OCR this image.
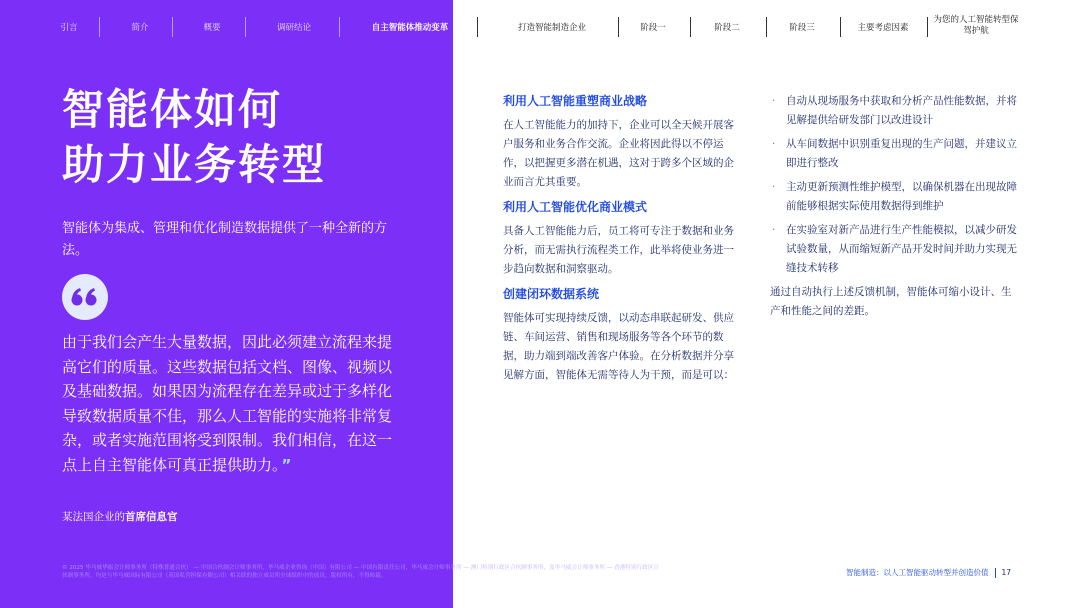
引言	简介	概要	调研结论	自主智能体推动变革	打造智能制造企业	阶段一	阶段二	阶段三	主要考虑因素
为您的人工智能转型保驾护航
智能体如何
助力业务转型
智能体为集成、管理和优化制造数据提供了一种全新的方法。
由于我们会产生大量数据，因此必须建立流程来提高它们的质量。这些数据包括文档、图像、视频以及基础数据。如果因为流程存在差异或过于多样化导致数据质量不佳，那么人工智能的实施将非常复杂，或者实施范围将受到限制。我们相信，在这一点上自主智能体可真正提供助力。 ”
某法国企业的首席信息官
© 2025 毕马威华振会计师事务所（特殊普通合伙） — 中国合伙制会计师事务所，毕马威企业咨询（中国）有限公司 — 中国有限责任公司，毕马威会计师事务所 — 澳门特别行政区合伙制事务所，及毕马威会计师事务所 — 香港特别行政区合伙制事务所，均是与毕马威国际有限公司（英国私营担保有限公司）相关联的独立成员所全球组织中的成员。版权所有，不得转载。
利用人工智能重塑商业战略
在人工智能能力的加持下，企业可以全天候开展客户服务和业务合作交流。企业将因此得以不停运作，以把握更多潜在机遇，这对于跨多个区域的企业而言尤其重要。
利用人工智能优化商业模式
具备人工智能能力后，员工将可专注于数据和业务分析，而无需执行流程类工作，此举将使业务进一步趋向数据和洞察驱动。
创建闭环数据系统
智能体可实现持续反馈，以动态串联起研发、供应链、车间运营、销售和现场服务等各个环节的数据，助力端到端改善客户体验。在分析数据并分享见解方面，智能体无需等待人为干预，而是可以：
· 自动从现场服务中获取和分析产品性能数据，并将见解提供给研发部门以改进设计
· 从车间数据中识别重复出现的生产问题，并建议立即进行整改
· 主动更新预测性维护模型，以确保机器在出现故障前能够根据实际使用数据得到维护
· 在实验室对新产品进行生产性能模拟，以减少研发试验数量，从而缩短新产品开发时间并助力实现无缝技术转移
通过自动执行上述反馈机制，智能体可缩小设计、生产和性能之间的差距。
智能制造：以人工智能驱动转型并创造价值 17
